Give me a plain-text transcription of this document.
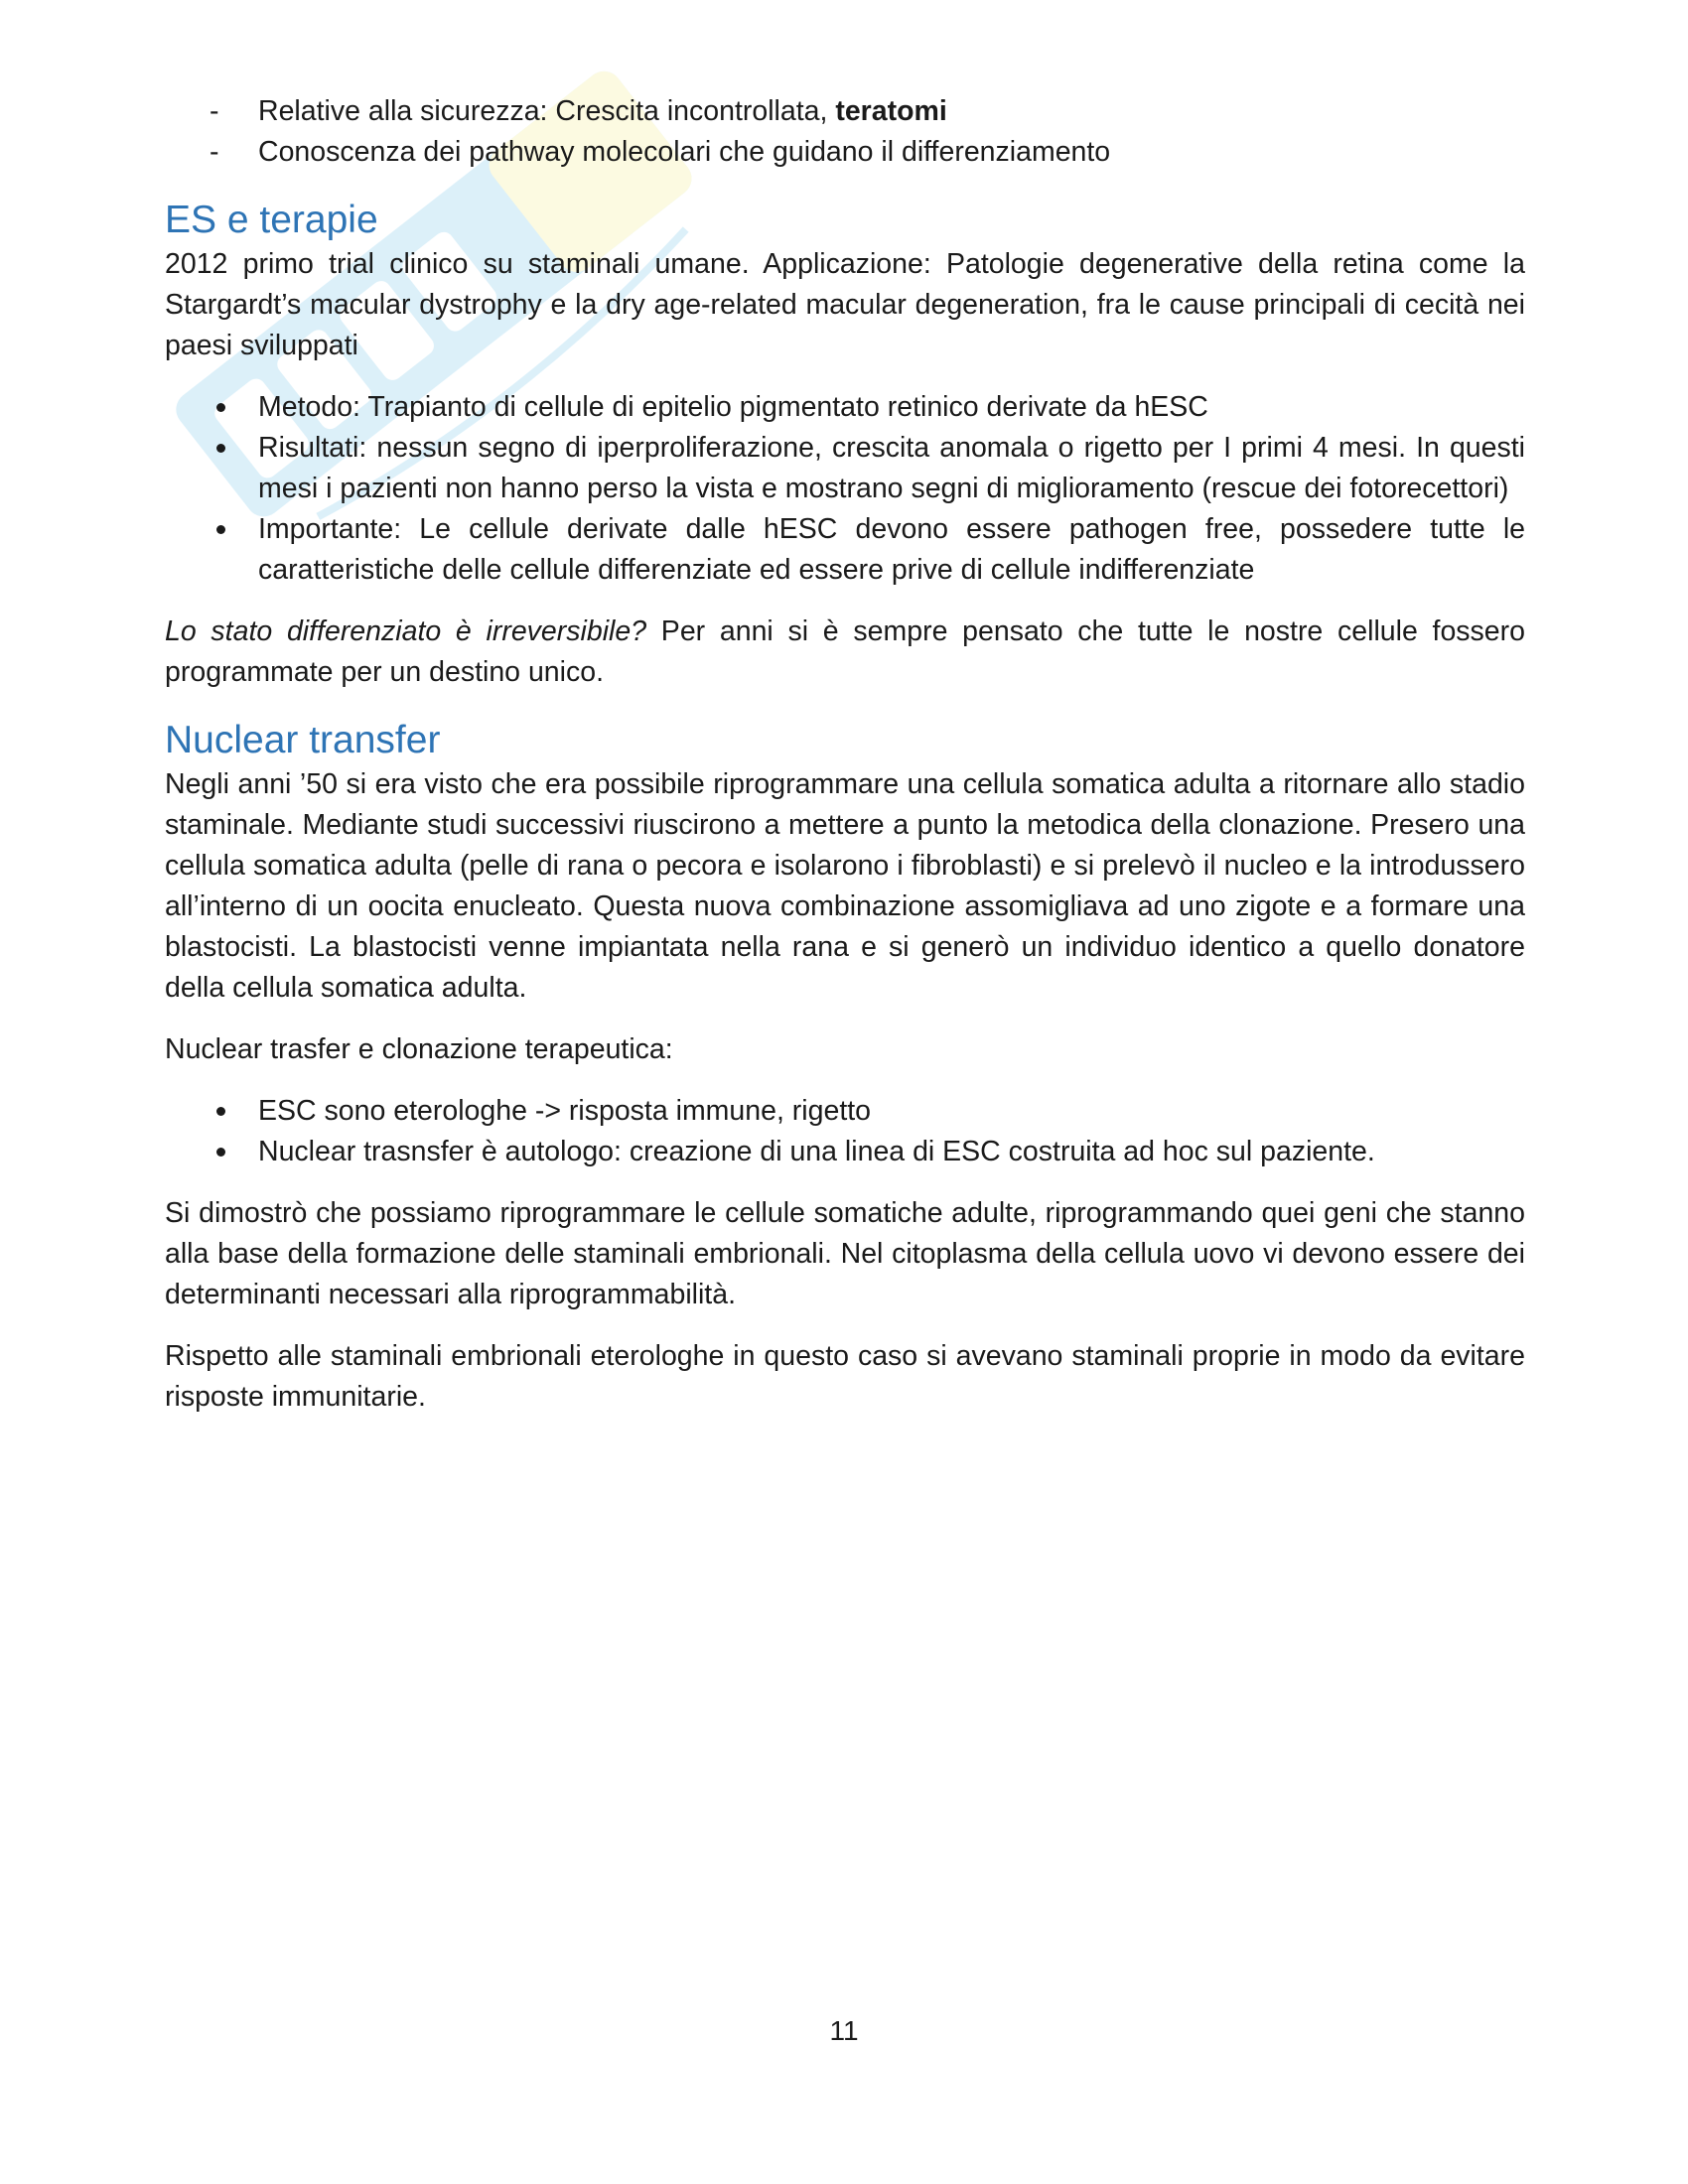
- Relative alla sicurezza: Crescita incontrollata, teratomi
- Conoscenza dei pathway molecolari che guidano il differenziamento
ES e terapie

2012 primo trial clinico su staminali umane. Applicazione: Patologie degenerative della retina come la Stargardt’s macular dystrophy e la dry age-related macular degeneration, fra le cause principali di cecità nei paesi sviluppati

Metodo: Trapianto di cellule di epitelio pigmentato retinico derivate da hESC
Risultati: nessun segno di iperproliferazione, crescita anomala o rigetto per I primi 4 mesi. In questi mesi i pazienti non hanno perso la vista e mostrano segni di miglioramento (rescue dei fotorecettori)
Importante: Le cellule derivate dalle hESC devono essere pathogen free, possedere tutte le caratteristiche delle cellule differenziate ed essere prive di cellule indifferenziate

Lo stato differenziato è irreversibile? Per anni si è sempre pensato che tutte le nostre cellule fossero programmate per un destino unico.

Nuclear transfer

Negli anni ’50 si era visto che era possibile riprogrammare una cellula somatica adulta a ritornare allo stadio staminale. Mediante studi successivi riuscirono a mettere a punto la metodica della clonazione. Presero una cellula somatica adulta (pelle di rana o pecora e isolarono i fibroblasti) e si prelevò il nucleo e la introdussero all’interno di un oocita enucleato. Questa nuova combinazione assomigliava ad uno zigote e a formare una blastocisti. La blastocisti venne impiantata nella rana e si generò un individuo identico a quello donatore della cellula somatica adulta.

Nuclear trasfer e clonazione terapeutica:

ESC sono eterologhe -> risposta immune, rigetto
Nuclear trasnsfer è autologo: creazione di una linea di ESC costruita ad hoc sul paziente.

Si dimostrò che possiamo riprogrammare le cellule somatiche adulte, riprogrammando quei geni che stanno alla base della formazione delle staminali embrionali. Nel citoplasma della cellula uovo vi devono essere dei determinanti necessari alla riprogrammabilità.

Rispetto alle staminali embrionali eterologhe in questo caso si avevano staminali proprie in modo da evitare risposte immunitarie.

11
